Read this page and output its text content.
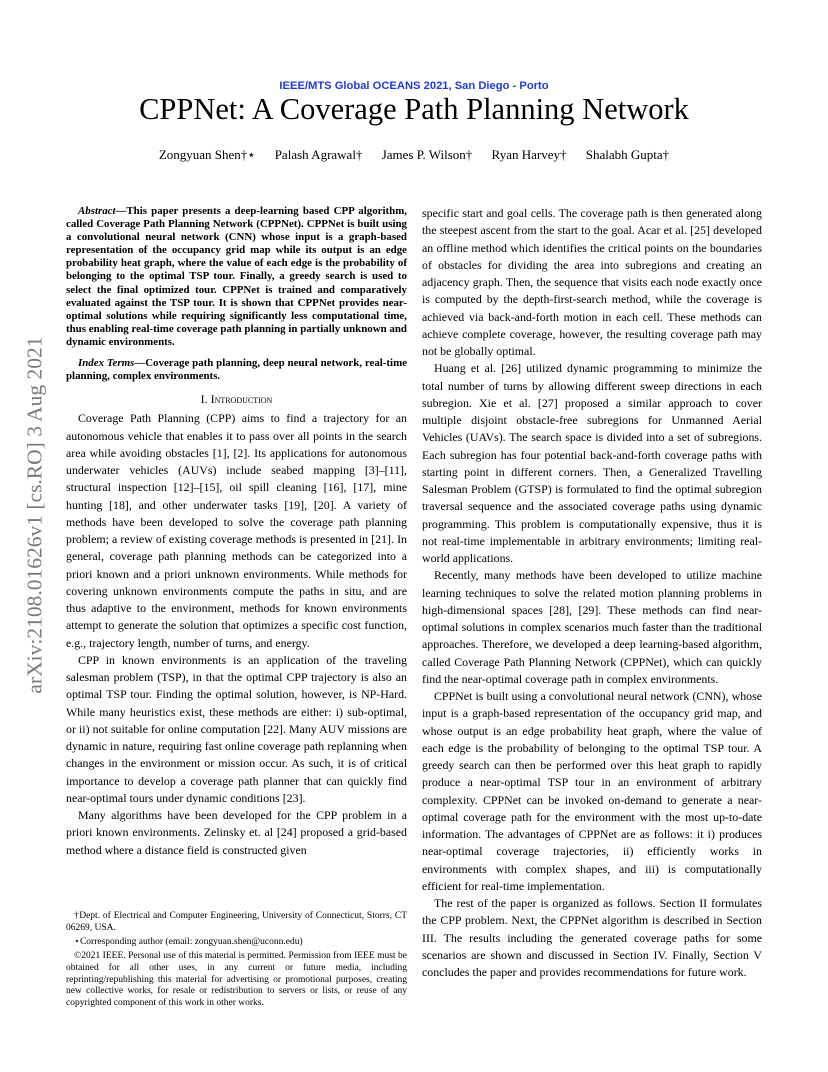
arXiv:2108.01626v1 [cs.RO] 3 Aug 2021
IEEE/MTS Global OCEANS 2021, San Diego - Porto
CPPNet: A Coverage Path Planning Network
Zongyuan Shen†⋆ Palash Agrawal† James P. Wilson† Ryan Harvey† Shalabh Gupta†
Abstract—This paper presents a deep-learning based CPP algorithm, called Coverage Path Planning Network (CPPNet). CPPNet is built using a convolutional neural network (CNN) whose input is a graph-based representation of the occupancy grid map while its output is an edge probability heat graph, where the value of each edge is the probability of belonging to the optimal TSP tour. Finally, a greedy search is used to select the final optimized tour. CPPNet is trained and comparatively evaluated against the TSP tour. It is shown that CPPNet provides near-optimal solutions while requiring significantly less computational time, thus enabling real-time coverage path planning in partially unknown and dynamic environments.
Index Terms—Coverage path planning, deep neural network, real-time planning, complex environments.
I. Introduction

Coverage Path Planning (CPP) aims to find a trajectory for an autonomous vehicle that enables it to pass over all points in the search area while avoiding obstacles [1], [2]. Its applications for autonomous underwater vehicles (AUVs) include seabed mapping [3]–[11], structural inspection [12]–[15], oil spill cleaning [16], [17], mine hunting [18], and other underwater tasks [19], [20]. A variety of methods have been developed to solve the coverage path planning problem; a review of existing coverage methods is presented in [21]. In general, coverage path planning methods can be categorized into a priori known and a priori unknown environments. While methods for covering unknown environments compute the paths in situ, and are thus adaptive to the environment, methods for known environments attempt to generate the solution that optimizes a specific cost function, e.g., trajectory length, number of turns, and energy.

CPP in known environments is an application of the traveling salesman problem (TSP), in that the optimal CPP trajectory is also an optimal TSP tour. Finding the optimal solution, however, is NP-Hard. While many heuristics exist, these methods are either: i) sub-optimal, or ii) not suitable for online computation [22]. Many AUV missions are dynamic in nature, requiring fast online coverage path replanning when changes in the environment or mission occur. As such, it is of critical importance to develop a coverage path planner that can quickly find near-optimal tours under dynamic conditions [23].

Many algorithms have been developed for the CPP problem in a priori known environments. Zelinsky et. al [24] proposed a grid-based method where a distance field is constructed given

†Dept. of Electrical and Computer Engineering, University of Connecticut, Storrs, CT 06269, USA.

⋆Corresponding author (email: zongyuan.shen@uconn.edu)

©2021 IEEE. Personal use of this material is permitted. Permission from IEEE must be obtained for all other uses, in any current or future media, including reprinting/republishing this material for advertising or promotional purposes, creating new collective works, for resale or redistribution to servers or lists, or reuse of any copyrighted component of this work in other works.

specific start and goal cells. The coverage path is then generated along the steepest ascent from the start to the goal. Acar et al. [25] developed an offline method which identifies the critical points on the boundaries of obstacles for dividing the area into subregions and creating an adjacency graph. Then, the sequence that visits each node exactly once is computed by the depth-first-search method, while the coverage is achieved via back-and-forth motion in each cell. These methods can achieve complete coverage, however, the resulting coverage path may not be globally optimal.

Huang et al. [26] utilized dynamic programming to minimize the total number of turns by allowing different sweep directions in each subregion. Xie et al. [27] proposed a similar approach to cover multiple disjoint obstacle-free subregions for Unmanned Aerial Vehicles (UAVs). The search space is divided into a set of subregions. Each subregion has four potential back-and-forth coverage paths with starting point in different corners. Then, a Generalized Travelling Salesman Problem (GTSP) is formulated to find the optimal subregion traversal sequence and the associated coverage paths using dynamic programming. This problem is computationally expensive, thus it is not real-time implementable in arbitrary environments; limiting real-world applications.

Recently, many methods have been developed to utilize machine learning techniques to solve the related motion planning problems in high-dimensional spaces [28], [29]. These methods can find near-optimal solutions in complex scenarios much faster than the traditional approaches. Therefore, we developed a deep learning-based algorithm, called Coverage Path Planning Network (CPPNet), which can quickly find the near-optimal coverage path in complex environments.

CPPNet is built using a convolutional neural network (CNN), whose input is a graph-based representation of the occupancy grid map, and whose output is an edge probability heat graph, where the value of each edge is the probability of belonging to the optimal TSP tour. A greedy search can then be performed over this heat graph to rapidly produce a near-optimal TSP tour in an environment of arbitrary complexity. CPPNet can be invoked on-demand to generate a near-optimal coverage path for the environment with the most up-to-date information. The advantages of CPPNet are as follows: it i) produces near-optimal coverage trajectories, ii) efficiently works in environments with complex shapes, and iii) is computationally efficient for real-time implementation.

The rest of the paper is organized as follows. Section II formulates the CPP problem. Next, the CPPNet algorithm is described in Section III. The results including the generated coverage paths for some scenarios are shown and discussed in Section IV. Finally, Section V concludes the paper and provides recommendations for future work.
